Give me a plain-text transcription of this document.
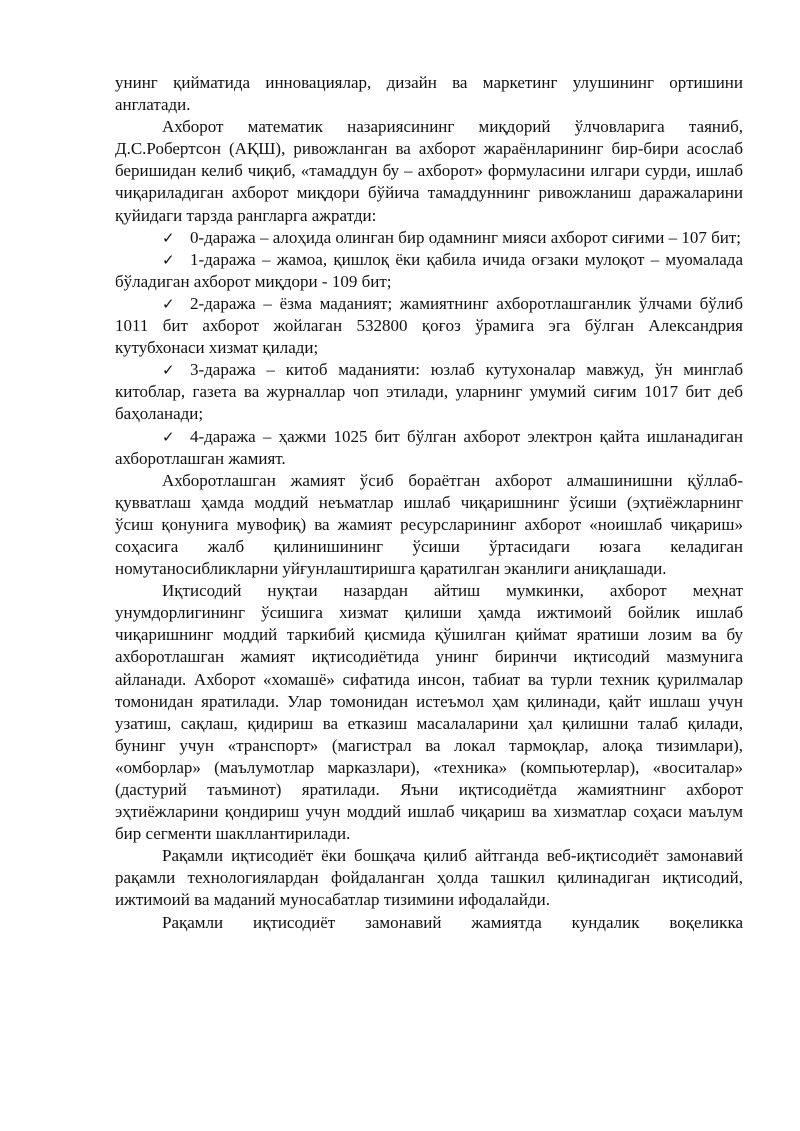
унинг қийматида инновациялар, дизайн ва маркетинг улушининг ортишини англатади.

Ахборот математик назариясининг миқдорий ўлчовларига таяниб, Д.С.Робертсон (АҚШ), ривожланган ва ахборот жараёнларининг бир-бири асослаб беришидан келиб чиқиб, «тамаддун бу – ахборот» формуласини илгари сурди, ишлаб чиқариладиган ахборот миқдори бўйича тамаддуннинг ривожланиш даражаларини қуйидаги тарзда рангларга ажратди:

✓ 0-даража – алоҳида олинган бир одамнинг мияси ахборот сиғими – 107 бит;

✓ 1-даража – жамоа, қишлоқ ёки қабила ичида оғзаки мулоқот – муомалада бўладиган ахборот миқдори - 109 бит;

✓ 2-даража – ёзма маданият; жамиятнинг ахборотлашганлик ўлчами бўлиб 1011 бит ахборот жойлаган 532800 қоғоз ўрамига эга бўлган Александрия кутубхонаси хизмат қилади;

✓ 3-даража – китоб маданияти: юзлаб кутухоналар мавжуд, ўн минглаб китоблар, газета ва журналлар чоп этилади, уларнинг умумий сиғим 1017 бит деб баҳоланади;

✓ 4-даража – ҳажми 1025 бит бўлган ахборот электрон қайта ишланадиган ахборотлашган жамият.

Ахборотлашган жамият ўсиб бораётган ахборот алмашинишни қўллаб-қувватлаш ҳамда моддий неъматлар ишлаб чиқаришнинг ўсиши (эҳтиёжларнинг ўсиш қонунига мувофиқ) ва жамият ресурсларининг ахборот «ноишлаб чиқариш» соҳасига жалб қилинишининг ўсиши ўртасидаги юзага келадиган номутаносибликларни уйғунлаштиришга қаратилган эканлиги аниқлашади.

Иқтисодий нуқтаи назардан айтиш мумкинки, ахборот меҳнат унумдорлигининг ўсишига хизмат қилиши ҳамда ижтимоий бойлик ишлаб чиқаришнинг моддий таркибий қисмида қўшилган қиймат яратиши лозим ва бу ахборотлашган жамият иқтисодиётида унинг биринчи иқтисодий мазмунига айланади. Ахборот «хомашё» сифатида инсон, табиат ва турли техник қурилмалар томонидан яратилади. Улар томонидан истеъмол ҳам қилинади, қайт ишлаш учун узатиш, сақлаш, қидириш ва етказиш масалаларини ҳал қилишни талаб қилади, бунинг учун «транспорт» (магистрал ва локал тармоқлар, алоқа тизимлари), «омборлар» (маълумотлар марказлари), «техника» (компьютерлар), «воситалар» (дастурий таъминот) яратилади. Яъни иқтисодиётда жамиятнинг ахборот эҳтиёжларини қондириш учун моддий ишлаб чиқариш ва хизматлар соҳаси маълум бир сегменти шакллантирилади.

Рақамли иқтисодиёт ёки бошқача қилиб айтганда веб-иқтисодиёт замонавий рақамли технологиялардан фойдаланган ҳолда ташкил қилинадиган иқтисодий, ижтимоий ва маданий муносабатлар тизимини ифодалайди.

Рақамли иқтисодиёт замонавий жамиятда кундалик воқеликка
